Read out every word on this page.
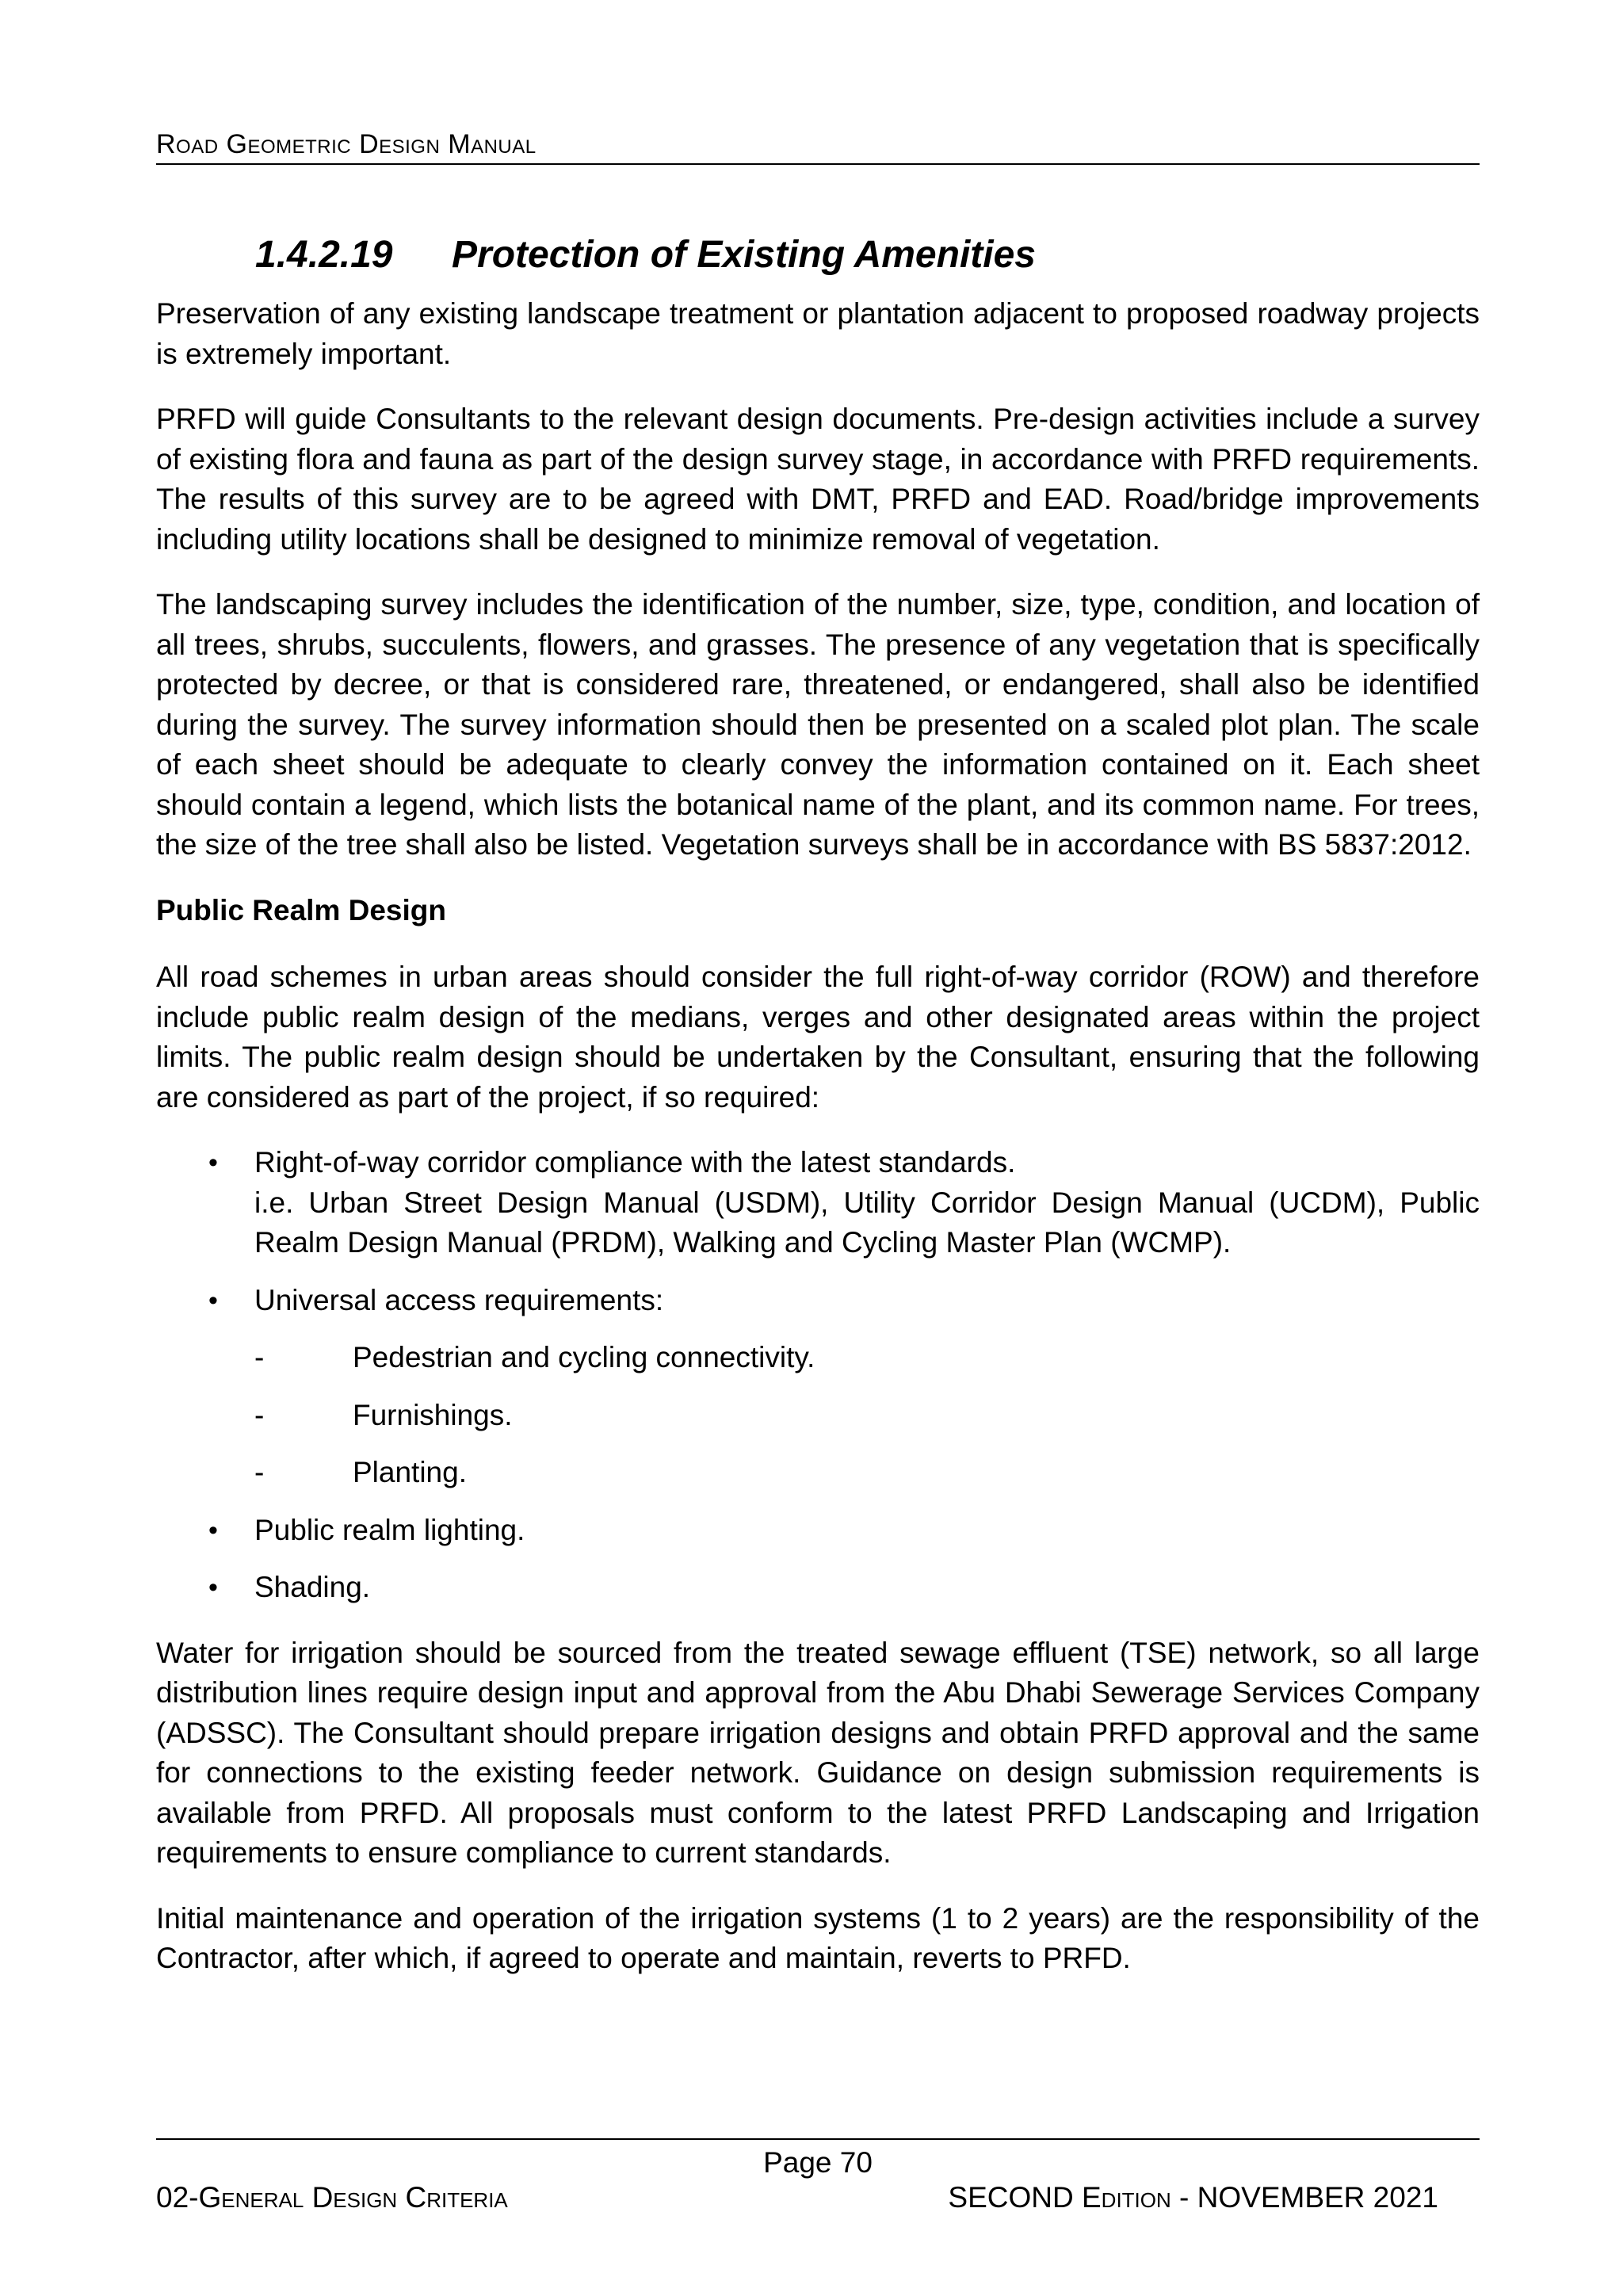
Road Geometric Design Manual
1.4.2.19 Protection of Existing Amenities

Preservation of any existing landscape treatment or plantation adjacent to proposed roadway projects is extremely important.

PRFD will guide Consultants to the relevant design documents. Pre-design activities include a survey of existing flora and fauna as part of the design survey stage, in accordance with PRFD requirements. The results of this survey are to be agreed with DMT, PRFD and EAD. Road/bridge improvements including utility locations shall be designed to minimize removal of vegetation.

The landscaping survey includes the identification of the number, size, type, condition, and location of all trees, shrubs, succulents, flowers, and grasses. The presence of any vegetation that is specifically protected by decree, or that is considered rare, threatened, or endangered, shall also be identified during the survey. The survey information should then be presented on a scaled plot plan. The scale of each sheet should be adequate to clearly convey the information contained on it. Each sheet should contain a legend, which lists the botanical name of the plant, and its common name. For trees, the size of the tree shall also be listed. Vegetation surveys shall be in accordance with BS 5837:2012.

Public Realm Design

All road schemes in urban areas should consider the full right-of-way corridor (ROW) and therefore include public realm design of the medians, verges and other designated areas within the project limits. The public realm design should be undertaken by the Consultant, ensuring that the following are considered as part of the project, if so required:

• Right-of-way corridor compliance with the latest standards.
i.e. Urban Street Design Manual (USDM), Utility Corridor Design Manual (UCDM), Public Realm Design Manual (PRDM), Walking and Cycling Master Plan (WCMP).
• Universal access requirements:
-	Pedestrian and cycling connectivity.
-	Furnishings.
-	Planting.
• Public realm lighting.
• Shading.

Water for irrigation should be sourced from the treated sewage effluent (TSE) network, so all large distribution lines require design input and approval from the Abu Dhabi Sewerage Services Company (ADSSC). The Consultant should prepare irrigation designs and obtain PRFD approval and the same for connections to the existing feeder network. Guidance on design submission requirements is available from PRFD. All proposals must conform to the latest PRFD Landscaping and Irrigation requirements to ensure compliance to current standards.

Initial maintenance and operation of the irrigation systems (1 to 2 years) are the responsibility of the Contractor, after which, if agreed to operate and maintain, reverts to PRFD.

Page 70
02-General Design Criteria	SECOND Edition - NOVEMBER 2021
